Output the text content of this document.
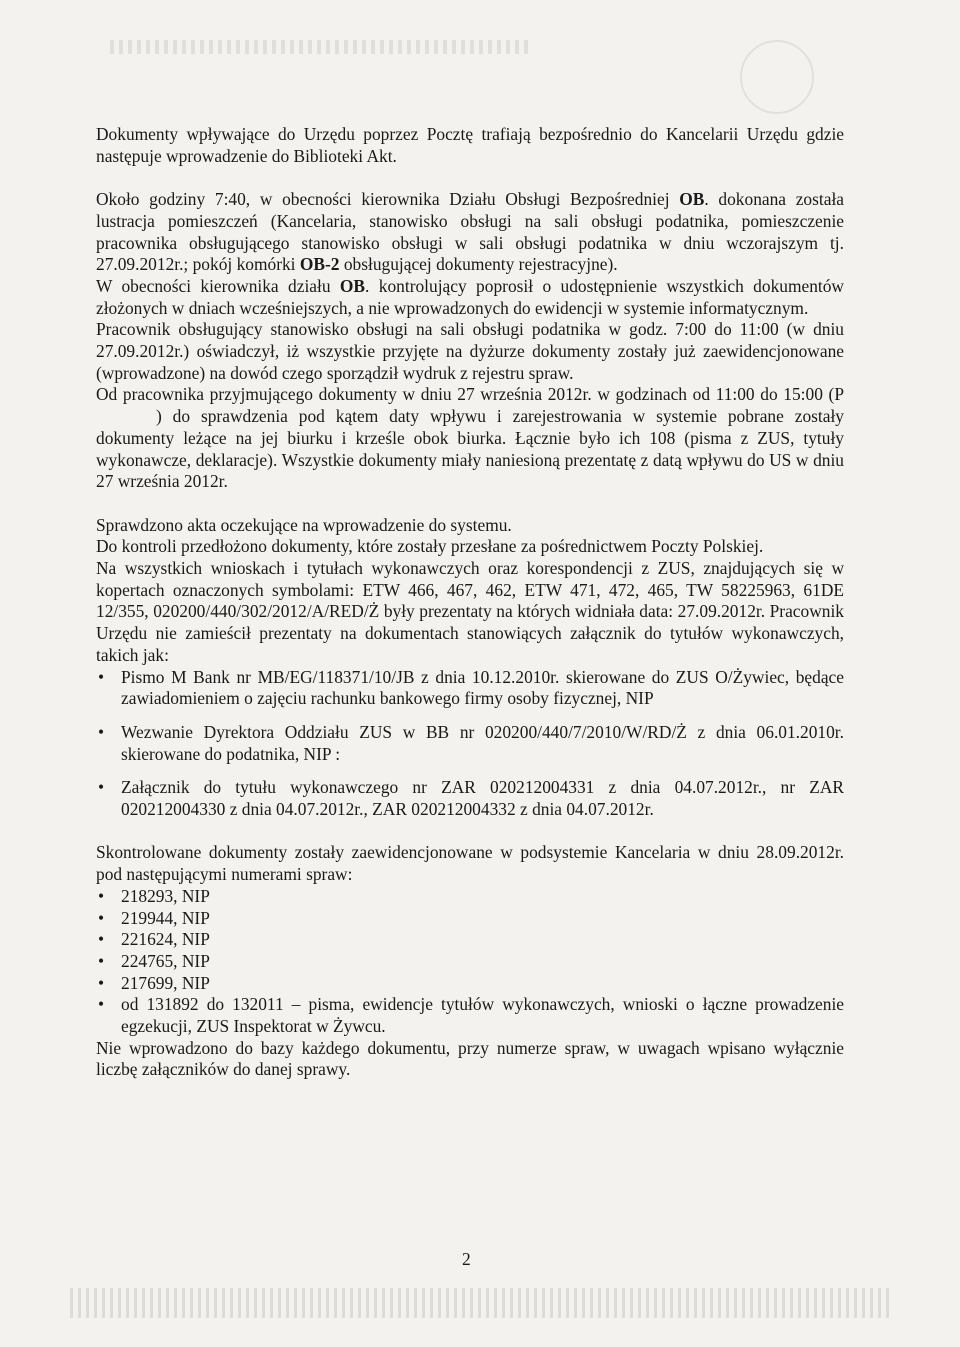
Dokumenty wpływające do Urzędu poprzez Pocztę trafiają bezpośrednio do Kancelarii Urzędu gdzie następuje wprowadzenie do Biblioteki Akt.

Około godziny 7:40, w obecności kierownika Działu Obsługi Bezpośredniej OB. dokonana została lustracja pomieszczeń (Kancelaria, stanowisko obsługi na sali obsługi podatnika, pomieszczenie pracownika obsługującego stanowisko obsługi w sali obsługi podatnika w dniu wczorajszym tj. 27.09.2012r.; pokój komórki OB-2 obsługującej dokumenty rejestracyjne).

W obecności kierownika działu OB. kontrolujący poprosił o udostępnienie wszystkich dokumentów złożonych w dniach wcześniejszych, a nie wprowadzonych do ewidencji w systemie informatycznym.

Pracownik obsługujący stanowisko obsługi na sali obsługi podatnika w godz. 7:00 do 11:00 (w dniu 27.09.2012r.) oświadczył, iż wszystkie przyjęte na dyżurze dokumenty zostały już zaewidencjonowane (wprowadzone) na dowód czego sporządził wydruk z rejestru spraw.

Od pracownika przyjmującego dokumenty w dniu 27 września 2012r. w godzinach od 11:00 do 15:00 (P) do sprawdzenia pod kątem daty wpływu i zarejestrowania w systemie pobrane zostały dokumenty leżące na jej biurku i krześle obok biurka. Łącznie było ich 108 (pisma z ZUS, tytuły wykonawcze, deklaracje). Wszystkie dokumenty miały naniesioną prezentatę z datą wpływu do US w dniu 27 września 2012r.

Sprawdzono akta oczekujące na wprowadzenie do systemu.

Do kontroli przedłożono dokumenty, które zostały przesłane za pośrednictwem Poczty Polskiej.

Na wszystkich wnioskach i tytułach wykonawczych oraz korespondencji z ZUS, znajdujących się w kopertach oznaczonych symbolami: ETW 466, 467, 462, ETW 471, 472, 465, TW 58225963, 61DE 12/355, 020200/440/302/2012/A/RED/Ż były prezentaty na których widniała data: 27.09.2012r. Pracownik Urzędu nie zamieścił prezentaty na dokumentach stanowiących załącznik do tytułów wykonawczych, takich jak:

• Pismo M Bank nr MB/EG/118371/10/JB z dnia 10.12.2010r. skierowane do ZUS O/Żywiec, będące zawiadomieniem o zajęciu rachunku bankowego firmy osoby fizycznej, NIP
• Wezwanie Dyrektora Oddziału ZUS w BB nr 020200/440/7/2010/W/RD/Ż z dnia 06.01.2010r. skierowane do podatnika, NIP :
• Załącznik do tytułu wykonawczego nr ZAR 020212004331 z dnia 04.07.2012r., nr ZAR 020212004330 z dnia 04.07.2012r., ZAR 020212004332 z dnia 04.07.2012r.

Skontrolowane dokumenty zostały zaewidencjonowane w podsystemie Kancelaria w dniu 28.09.2012r. pod następującymi numerami spraw:

• 218293, NIP
• 219944, NIP
• 221624, NIP
• 224765, NIP
• 217699, NIP
• od 131892 do 132011 – pisma, ewidencje tytułów wykonawczych, wnioski o łączne prowadzenie egzekucji, ZUS Inspektorat w Żywcu.

Nie wprowadzono do bazy każdego dokumentu, przy numerze spraw, w uwagach wpisano wyłącznie liczbę załączników do danej sprawy.

2
